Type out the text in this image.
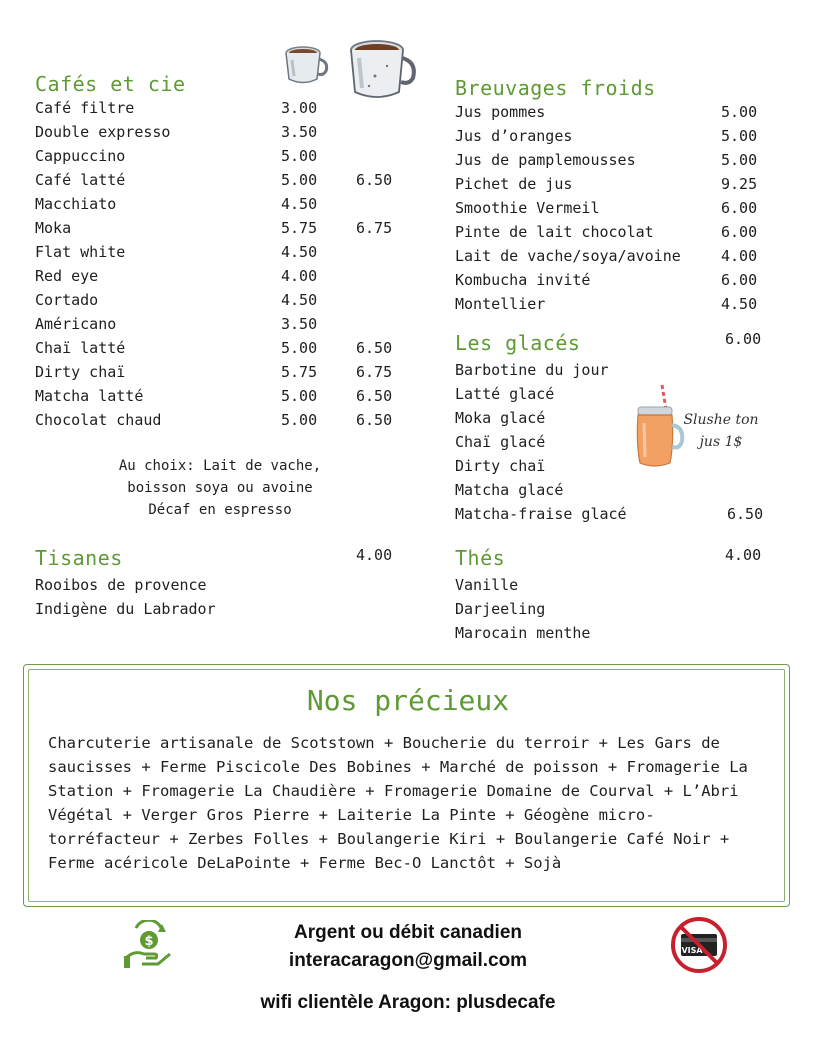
Cafés et cie
Café filtre	3.00
Double expresso	3.50
Cappuccino	5.00
Café latté	5.00	6.50
Macchiato	4.50
Moka	5.75	6.75
Flat white	4.50
Red eye	4.00
Cortado	4.50
Américano	3.50
Chaï latté	5.00	6.50
Dirty chaï	5.75	6.75
Matcha latté	5.00	6.50
Chocolat chaud	5.00	6.50
Au choix: Lait de vache,
boisson soya ou avoine
Décaf en espresso
Tisanes	4.00
Rooibos de provence
Indigène du Labrador
Breuvages froids
Jus pommes	5.00
Jus d’oranges	5.00
Jus de pamplemousses	5.00
Pichet de jus	9.25
Smoothie Vermeil	6.00
Pinte de lait chocolat	6.00
Lait de vache/soya/avoine	4.00
Kombucha invité	6.00
Montellier	4.50
Les glacés	6.00
Barbotine du jour
Latté glacé
Moka glacé
Chaï glacé
Dirty chaï
Matcha glacé
Matcha-fraise glacé	6.50
Slushe ton
jus 1$
Thés	4.00
Vanille
Darjeeling
Marocain menthe
Nos précieux
Charcuterie artisanale de Scotstown + Boucherie du terroir + Les Gars de saucisses + Ferme Piscicole Des Bobines + Marché de poisson + Fromagerie La Station + Fromagerie La Chaudière + Fromagerie Domaine de Courval + L’Abri Végétal + Verger Gros Pierre + Laiterie La Pinte + Géogène micro-torréfacteur + Zerbes Folles + Boulangerie Kiri + Boulangerie Café Noir + Ferme acéricole DeLaPointe + Ferme Bec-O Lanctôt + Sojà
$	Argent ou débit canadien
interacaragon@gmail.com
wifi clientèle Aragon: plusdecafe
VISA
